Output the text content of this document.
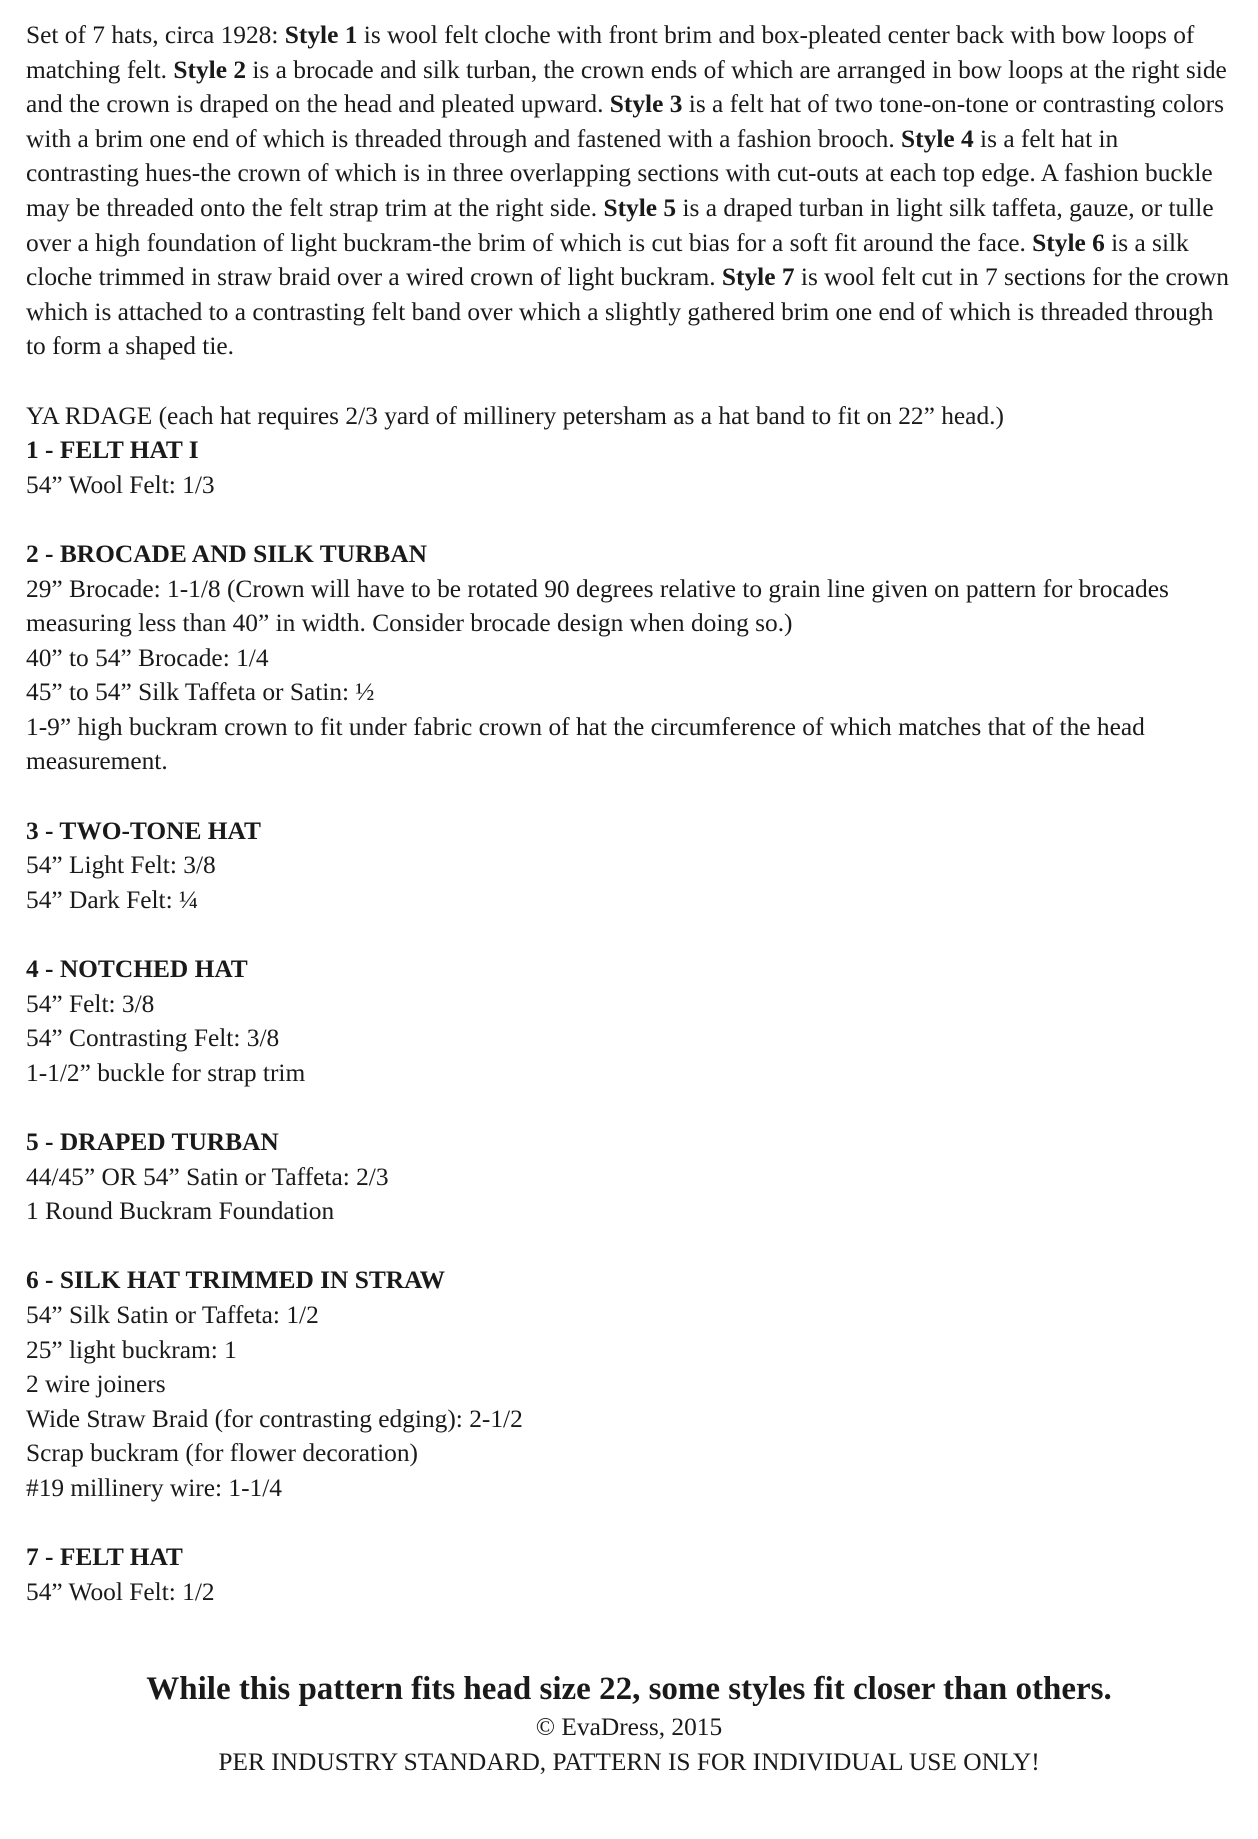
Set of 7 hats, circa 1928: Style 1 is wool felt cloche with front brim and box-pleated center back with bow loops of matching felt. Style 2 is a brocade and silk turban, the crown ends of which are arranged in bow loops at the right side and the crown is draped on the head and pleated upward. Style 3 is a felt hat of two tone-on-tone or contrasting colors with a brim one end of which is threaded through and fastened with a fashion brooch. Style 4 is a felt hat in contrasting hues-the crown of which is in three overlapping sections with cut-outs at each top edge. A fashion buckle may be threaded onto the felt strap trim at the right side. Style 5 is a draped turban in light silk taffeta, gauze, or tulle over a high foundation of light buckram-the brim of which is cut bias for a soft fit around the face. Style 6 is a silk cloche trimmed in straw braid over a wired crown of light buckram. Style 7 is wool felt cut in 7 sections for the crown which is attached to a contrasting felt band over which a slightly gathered brim one end of which is threaded through to form a shaped tie.

YA RDAGE (each hat requires 2/3 yard of millinery petersham as a hat band to fit on 22” head.)

1 - FELT HAT I

54” Wool Felt: 1/3

2 - BROCADE AND SILK TURBAN

29” Brocade: 1-1/8 (Crown will have to be rotated 90 degrees relative to grain line given on pattern for brocades measuring less than 40” in width. Consider brocade design when doing so.)

40” to 54” Brocade: 1/4

45” to 54” Silk Taffeta or Satin: ½

1-9” high buckram crown to fit under fabric crown of hat the circumference of which matches that of the head measurement.

3 - TWO-TONE HAT

54” Light Felt: 3/8

54” Dark Felt: ¼

4 - NOTCHED HAT

54” Felt: 3/8

54” Contrasting Felt: 3/8

1-1/2” buckle for strap trim

5 - DRAPED TURBAN

44/45” OR 54” Satin or Taffeta: 2/3

1 Round Buckram Foundation

6 - SILK HAT TRIMMED IN STRAW

54” Silk Satin or Taffeta: 1/2

25” light buckram: 1

2 wire joiners

Wide Straw Braid (for contrasting edging): 2-1/2

Scrap buckram (for flower decoration)

#19 millinery wire: 1-1/4

7 - FELT HAT

54” Wool Felt: 1/2

While this pattern fits head size 22, some styles fit closer than others.

© EvaDress, 2015

PER INDUSTRY STANDARD, PATTERN IS FOR INDIVIDUAL USE ONLY!
